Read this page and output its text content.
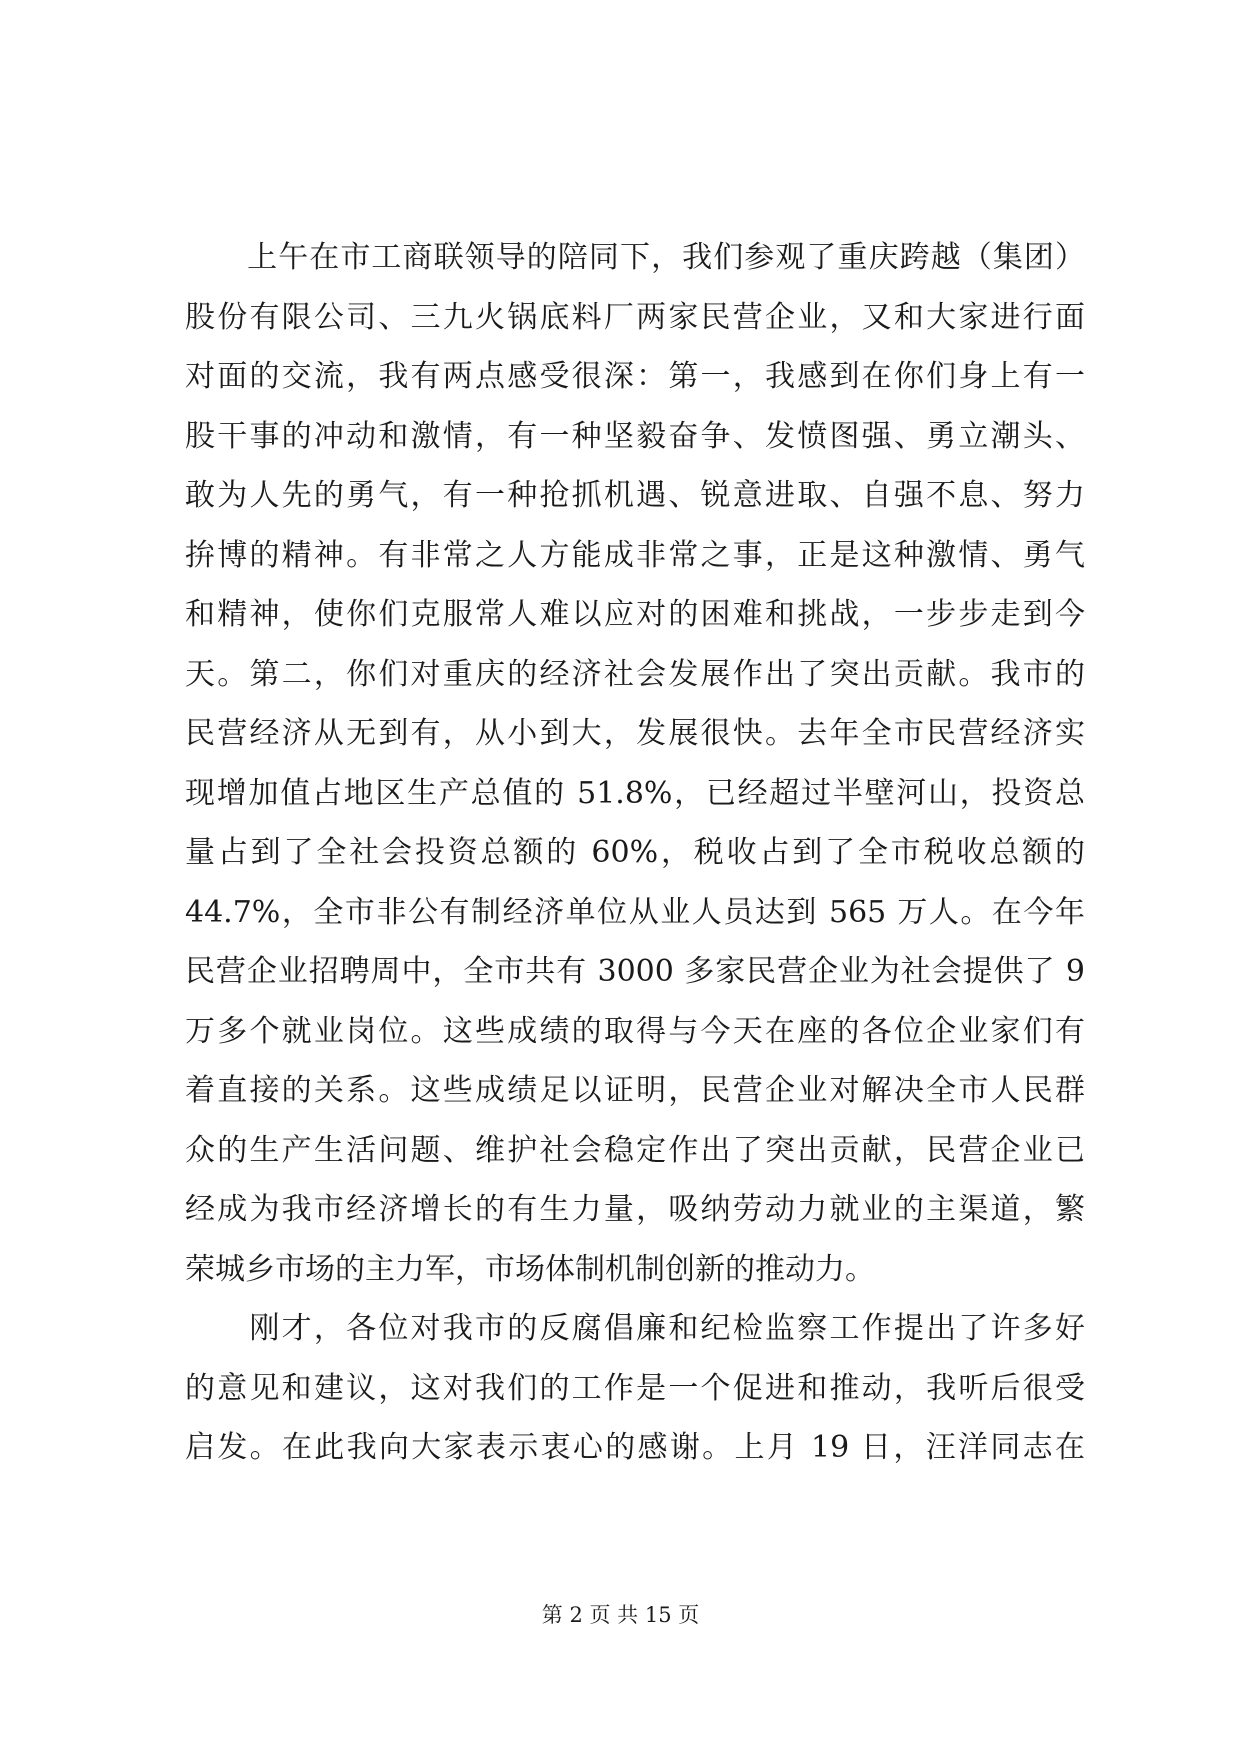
　　上午在市工商联领导的陪同下，我们参观了重庆跨越（集团）
股份有限公司、三九火锅底料厂两家民营企业，又和大家进行面
对面的交流，我有两点感受很深：第一，我感到在你们身上有一
股干事的冲动和激情，有一种坚毅奋争、发愤图强、勇立潮头、
敢为人先的勇气，有一种抢抓机遇、锐意进取、自强不息、努力
拚博的精神。有非常之人方能成非常之事，正是这种激情、勇气
和精神，使你们克服常人难以应对的困难和挑战，一步步走到今
天。第二，你们对重庆的经济社会发展作出了突出贡献。我市的
民营经济从无到有，从小到大，发展很快。去年全市民营经济实
现增加值占地区生产总值的 51.8%，已经超过半壁河山，投资总
量占到了全社会投资总额的 60%，税收占到了全市税收总额的
44.7%，全市非公有制经济单位从业人员达到 565 万人。在今年
民营企业招聘周中，全市共有 3000 多家民营企业为社会提供了 9
万多个就业岗位。这些成绩的取得与今天在座的各位企业家们有
着直接的关系。这些成绩足以证明，民营企业对解决全市人民群
众的生产生活问题、维护社会稳定作出了突出贡献，民营企业已
经成为我市经济增长的有生力量，吸纳劳动力就业的主渠道，繁
荣城乡市场的主力军，市场体制机制创新的推动力。
　　刚才，各位对我市的反腐倡廉和纪检监察工作提出了许多好
的意见和建议，这对我们的工作是一个促进和推动，我听后很受
启发。在此我向大家表示衷心的感谢。上月 19 日，汪洋同志在
第 2 页 共 15 页
